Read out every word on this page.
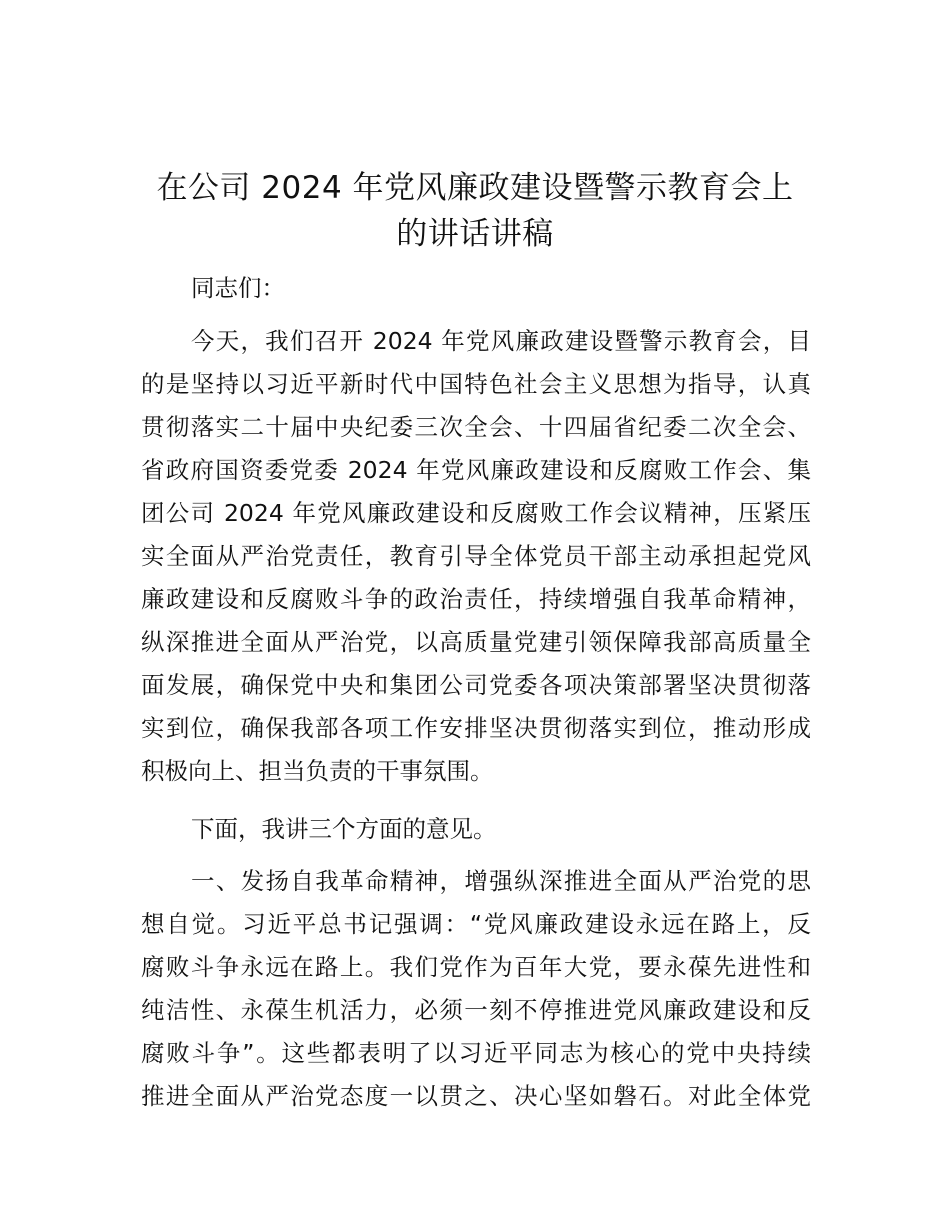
在公司 2024 年党风廉政建设暨警示教育会上
的讲话讲稿
同志们：
今天，我们召开 2024 年党风廉政建设暨警示教育会，目
的是坚持以习近平新时代中国特色社会主义思想为指导，认真
贯彻落实二十届中央纪委三次全会、十四届省纪委二次全会、
省政府国资委党委 2024 年党风廉政建设和反腐败工作会、集
团公司 2024 年党风廉政建设和反腐败工作会议精神，压紧压
实全面从严治党责任，教育引导全体党员干部主动承担起党风
廉政建设和反腐败斗争的政治责任，持续增强自我革命精神，
纵深推进全面从严治党，以高质量党建引领保障我部高质量全
面发展，确保党中央和集团公司党委各项决策部署坚决贯彻落
实到位，确保我部各项工作安排坚决贯彻落实到位，推动形成
积极向上、担当负责的干事氛围。
下面，我讲三个方面的意见。
一、发扬自我革命精神，增强纵深推进全面从严治党的思
想自觉。习近平总书记强调：“党风廉政建设永远在路上，反
腐败斗争永远在路上。我们党作为百年大党，要永葆先进性和
纯洁性、永葆生机活力，必须一刻不停推进党风廉政建设和反
腐败斗争”。这些都表明了以习近平同志为核心的党中央持续
推进全面从严治党态度一以贯之、决心坚如磐石。对此全体党
